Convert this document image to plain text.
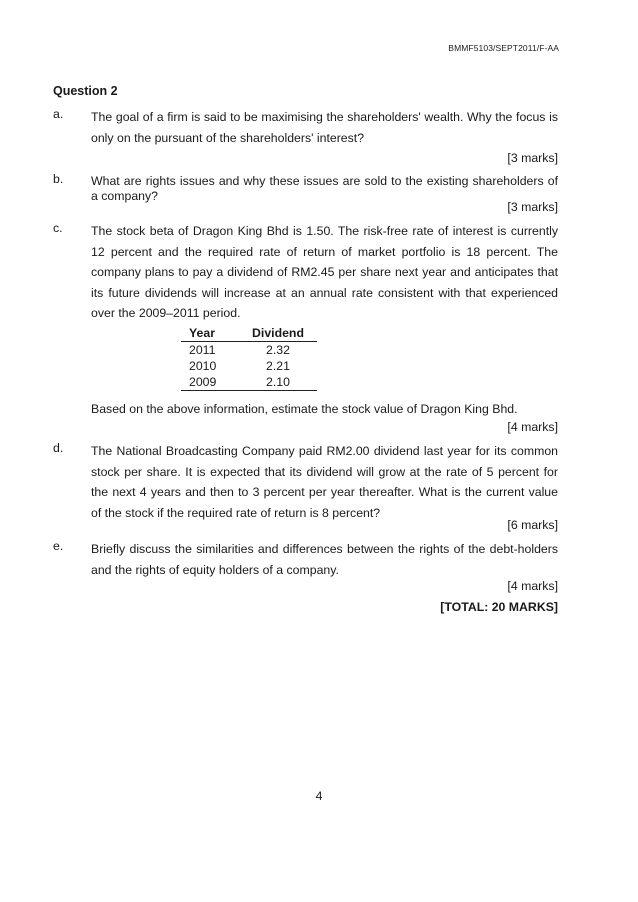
BMMF5103/SEPT2011/F-AA
Question 2
a. The goal of a firm is said to be maximising the shareholders' wealth. Why the focus is only on the pursuant of the shareholders' interest?
[3 marks]
b. What are rights issues and why these issues are sold to the existing shareholders of a company?
[3 marks]
c. The stock beta of Dragon King Bhd is 1.50. The risk-free rate of interest is currently 12 percent and the required rate of return of market portfolio is 18 percent. The company plans to pay a dividend of RM2.45 per share next year and anticipates that its future dividends will increase at an annual rate consistent with that experienced over the 2009–2011 period.
Year	Dividend
2011	2.32
2010	2.21
2009	2.10
Based on the above information, estimate the stock value of Dragon King Bhd.
[4 marks]
d. The National Broadcasting Company paid RM2.00 dividend last year for its common stock per share. It is expected that its dividend will grow at the rate of 5 percent for the next 4 years and then to 3 percent per year thereafter. What is the current value of the stock if the required rate of return is 8 percent?
[6 marks]
e. Briefly discuss the similarities and differences between the rights of the debt-holders and the rights of equity holders of a company.
[4 marks]
[TOTAL: 20 MARKS]
4
